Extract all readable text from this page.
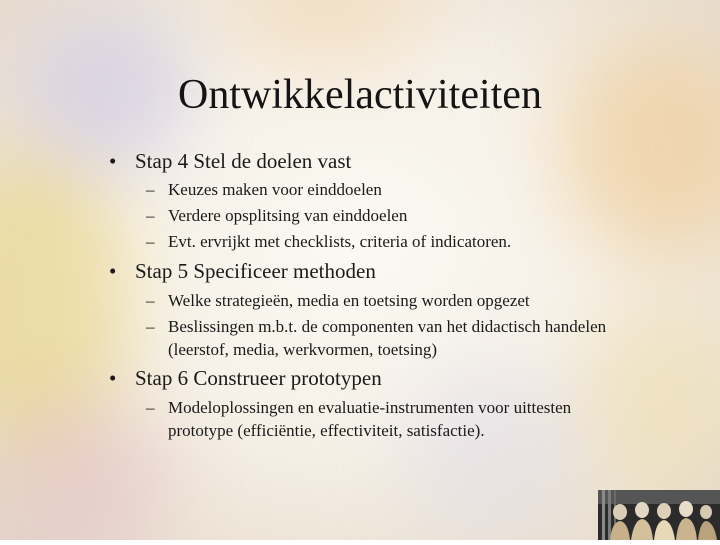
Ontwikkelactiviteiten
• Stap 4 Stel de doelen vast
– Keuzes maken voor einddoelen
– Verdere opsplitsing van einddoelen
– Evt. ervrijkt met checklists, criteria of indicatoren.
• Stap 5 Specificeer methoden
– Welke strategieën, media en toetsing worden opgezet
– Beslissingen m.b.t. de componenten van het didactisch handelen
(leerstof, media, werkvormen, toetsing)
• Stap 6 Construeer prototypen
– Modeloplossingen en evaluatie-instrumenten voor uittesten
prototype (efficiëntie, effectiviteit, satisfactie).
